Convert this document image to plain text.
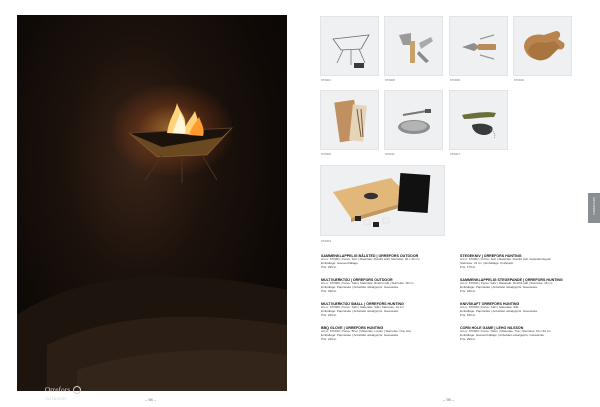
Orrefors
OUTDOOR	– 94 –
670001	670006	670009	670010
670002	670011	670007
670003
ORREFORS
SAMMENKLAPPELIG BÅLSTED | ORREFORS OUTDOOR
Art.nr. 670001 | Farve: Sort | Materiale: Rustfrit stål | Størrelse: 30 x 30 cm
Emballage: Gaveemballage
Pris: 299 kr.
STEGEKNIV | ORREFORS HUNTING
Art.nr. 670007 | Farve: Sort | Materiale: Rustfrit stål, Gedeskindsgreb
Størrelse: 23 cm | Emballage: Kraftpapir
Pris: 179 kr.
MULTIVÆRKTØJ | ORREFORS OUTDOOR
Art.nr. 670006 | Farve: Sølv | Materiale: Rustfrit stål | Størrelse: 18 cm
Emballage: Papiræske | Anbefalet udsalgspris: Gaveæske
Pris: 349 kr.
SAMMENKLAPPELIG STEGEPANDE | ORREFORS HUNTING
Art.nr. 670011 | Farve: Sølv | Materiale: Rustfrit stål | Størrelse: 18 cm
Emballage: Papiræske | Anbefalet udsalgspris: Gaveæske
Pris: 249 kr.
MULTIVÆRKTØJ SMALL | ORREFORS HUNTING
Art.nr. 670009 | Farve: Sølv | Materiale: Stål | Størrelse: 13 cm
Emballage: Papiræske | Anbefalet udsalgspris: Gaveæske
Pris: 229 kr.
KNIVSKAFT ORREFORS HUNTING
Art.nr. 670010 | Farve: Sølv | Materiale: Stål
Emballage: Papiræske | Anbefalet udsalgspris: Gaveæske
Pris: 159 kr.
BBQ GLOVE | ORREFORS HUNTING
Art.nr. 670010 | Farve: Brun | Materiale: Læder | Størrelse: One size
Emballage: Papiræske | Anbefalet udsalgspris: Gaveæske
Pris: 249 kr.
CORN HOLE GAME | LEHO NILSSON
Art.nr. 670003 | Farve: Natur | Materiale: Træ | Størrelse: 60 x 30 cm
Emballage: Gaveemballage | Anbefalet udsalgspris: Gaveæske
Pris: 299 kr.
– 95 –
